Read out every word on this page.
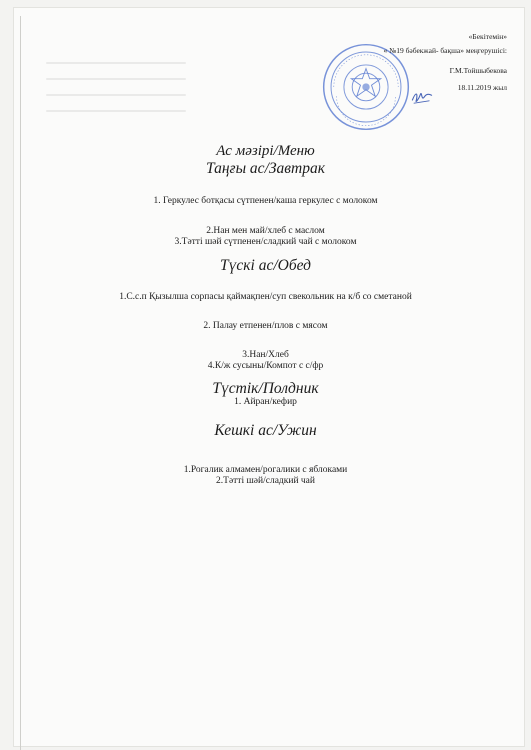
«Бекітемін»
« №19 бәбекжай- бақша» меңгерушісі:
Г.М.Тойшыбекова
18.11.2019 жыл

Ас мәзірі/Меню

Таңғы ас/Завтрак

1. Геркулес ботқасы сүтпенен/каша геркулес с молоком

2.Нан мен май/хлеб с маслом

3.Тәтті шәй сүтпенен/сладкий чай с молоком

Түскі ас/Обед

1.С.с.п Қызылша сорпасы қаймақпен/суп свекольник на к/б со сметаной

2. Палау етпенен/плов с мясом

3.Нан/Хлеб

4.К/ж сусыны/Компот с с/фр

Түстік/Полдник

1. Айран/кефир

Кешкі ас/Ужин

1.Рогалик алмамен/рогалики с яблоками

2.Тәтті шәй/сладкий чай
